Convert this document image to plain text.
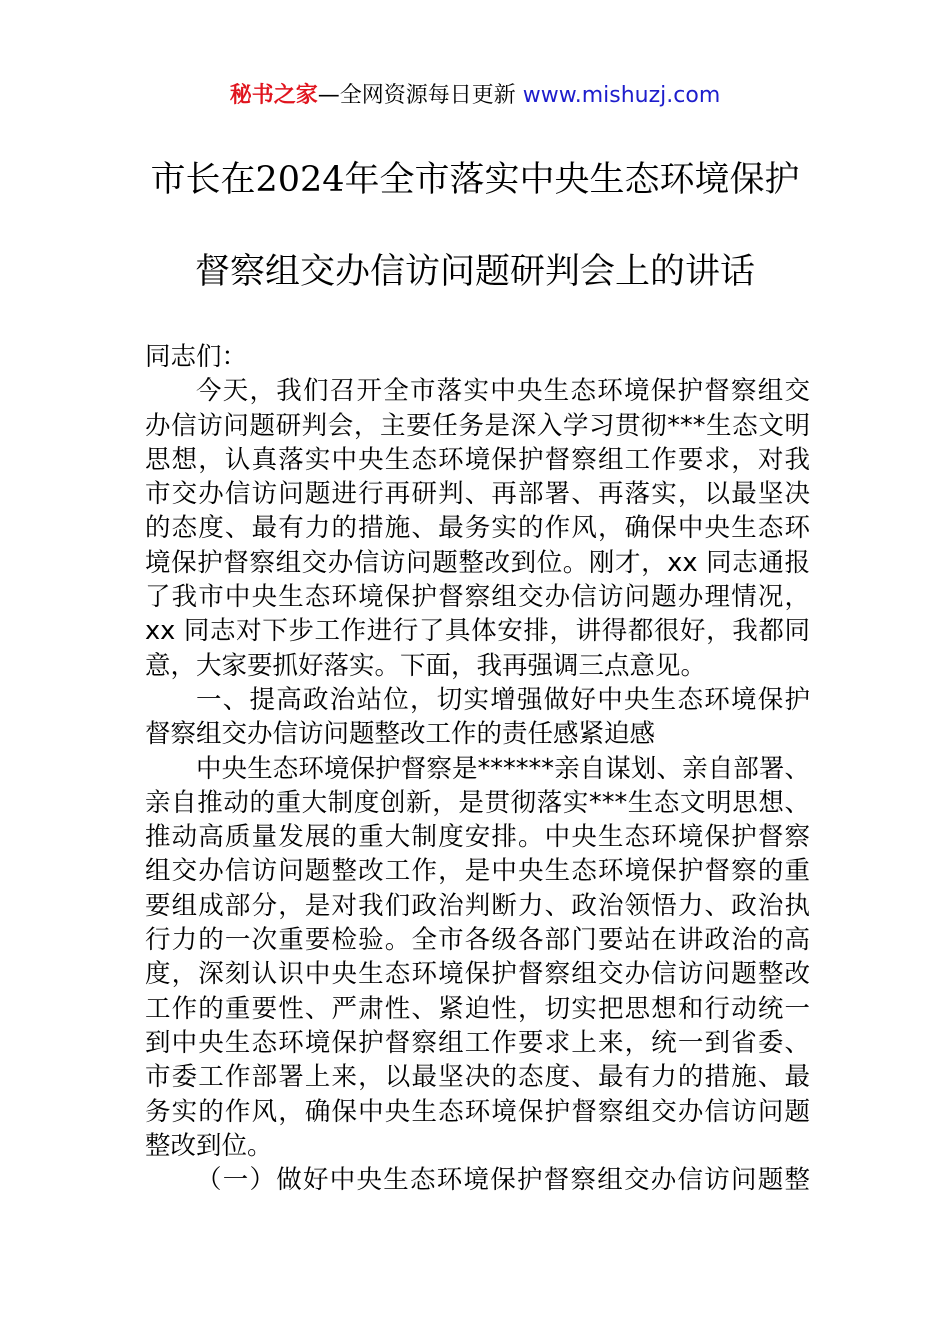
秘书之家—全网资源每日更新 www.mishuzj.com
市长在2024年全市落实中央生态环境保护
督察组交办信访问题研判会上的讲话
同志们：
今天，我们召开全市落实中央生态环境保护督察组交
办信访问题研判会，主要任务是深入学习贯彻***生态文明
思想，认真落实中央生态环境保护督察组工作要求，对我
市交办信访问题进行再研判、再部署、再落实，以最坚决
的态度、最有力的措施、最务实的作风，确保中央生态环
境保护督察组交办信访问题整改到位。刚才，xx 同志通报
了我市中央生态环境保护督察组交办信访问题办理情况，
xx 同志对下步工作进行了具体安排，讲得都很好，我都同
意，大家要抓好落实。下面，我再强调三点意见。
一、提高政治站位，切实增强做好中央生态环境保护
督察组交办信访问题整改工作的责任感紧迫感
中央生态环境保护督察是******亲自谋划、亲自部署、
亲自推动的重大制度创新，是贯彻落实***生态文明思想、
推动高质量发展的重大制度安排。中央生态环境保护督察
组交办信访问题整改工作，是中央生态环境保护督察的重
要组成部分，是对我们政治判断力、政治领悟力、政治执
行力的一次重要检验。全市各级各部门要站在讲政治的高
度，深刻认识中央生态环境保护督察组交办信访问题整改
工作的重要性、严肃性、紧迫性，切实把思想和行动统一
到中央生态环境保护督察组工作要求上来，统一到省委、
市委工作部署上来，以最坚决的态度、最有力的措施、最
务实的作风，确保中央生态环境保护督察组交办信访问题
整改到位。
（一）做好中央生态环境保护督察组交办信访问题整
